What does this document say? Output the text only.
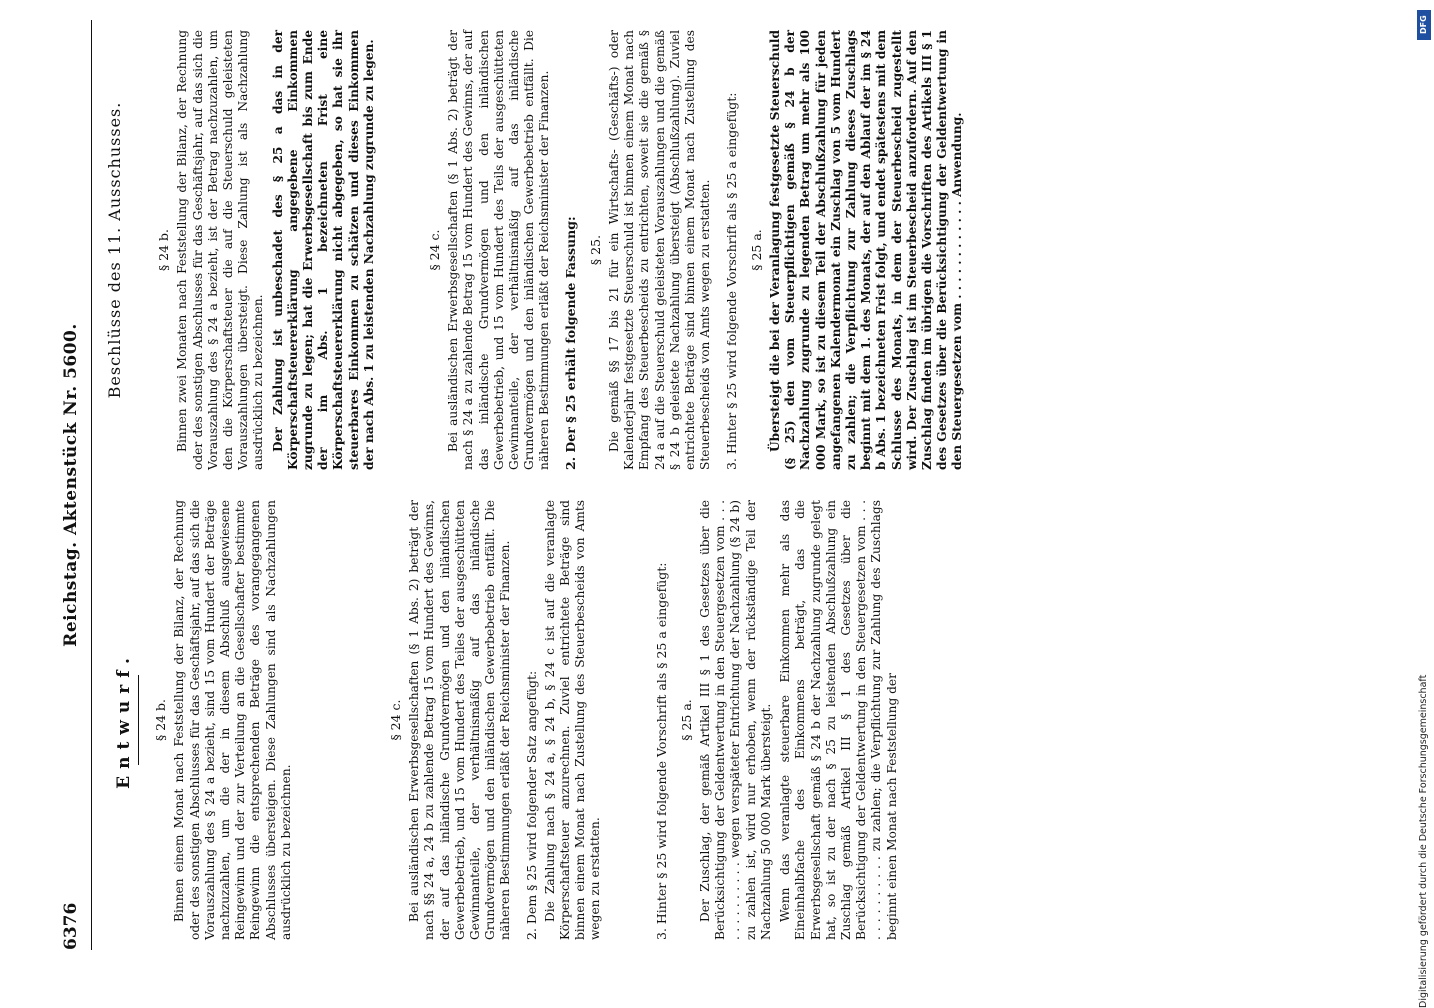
6376
Reichstag. Aktenstück Nr. 5600.
Entwurf. § 24 b. Binnen einem Monat nach Feststellung der Bilanz, der Rechnung oder des sonstigen Abschlusses für das Geschäftsjahr, auf das sich die Vorauszahlung des § 24 a bezieht, sind 15 vom Hundert der Beträge nachzuzahlen, um die der in diesem Abschluß ausgewiesene Reingewinn und der zur Verteilung an die Gesellschafter bestimmte Reingewinn die entsprechenden Beträge des vorangegangenen Abschlusses übersteigen. Diese Zahlungen sind als Nachzahlungen ausdrücklich zu bezeichnen.

§ 24 c. Bei ausländischen Erwerbsgesellschaften (§ 1 Abs. 2) beträgt der nach §§ 24 a, 24 b zu zahlende Betrag 15 vom Hundert des Gewinns, der auf das inländische Grundvermögen und den inländischen Gewerbebetrieb, und 15 vom Hundert des Teiles der ausgeschütteten Gewinnanteile, der verhältnismäßig auf das inländische Grundvermögen und den inländischen Gewerbebetrieb entfällt. Die näheren Bestimmungen erläßt der Reichsminister der Finanzen. 2. Dem § 25 wird folgender Satz angefügt: Die Zahlung nach § 24 a, § 24 b, § 24 c ist auf die veranlagte Körperschaftsteuer anzurechnen. Zuviel entrichtete Beträge sind binnen einem Monat nach Zustellung des Steuerbescheids von Amts wegen zu erstatten.	3. Hinter § 25 wird folgende Vorschrift als § 25 a eingefügt: § 25 a. Der Zuschlag, der gemäß Artikel III § 1 des Gesetzes über die Berücksichtigung der Geldentwertung in den Steuergesetzen vom . . . . . . . . . . . . . wegen verspäteter Entrichtung der Nachzahlung (§ 24 b) zu zahlen ist, wird nur erhoben, wenn der rückständige Teil der Nachzahlung 50 000 Mark übersteigt. Wenn das veranlagte steuerbare Einkommen mehr als das Eineinhalbfache des Einkommens beträgt, das die Erwerbsgesellschaft gemäß § 24 b der Nachzahlung zugrunde gelegt hat, so ist zu der nach § 25 zu leistenden Abschlußzahlung ein Zuschlag gemäß Artikel III § 1 des Gesetzes über die Berücksichtigung der Geldentwertung in den Steuergesetzen vom . . . . . . . . . . . . . zu zahlen; die Verpflichtung zur Zahlung des Zuschlags beginnt einen Monat nach Feststellung der

Beschlüsse des 11. Ausschusses.	§ 24 b. Binnen zwei Monaten nach Feststellung der Bilanz, der Rechnung oder des sonstigen Abschlusses für das Geschäftsjahr, auf das sich die Vorauszahlung des § 24 a bezieht, ist der Betrag nachzuzahlen, um den die Körperschaftsteuer die auf die Steuerschuld geleisteten Vorauszahlungen übersteigt. Diese Zahlung ist als Nachzahlung ausdrücklich zu bezeichnen. Der Zahlung ist unbeschadet des § 25 a das in der Körperschaftsteuererklärung angegebene Einkommen zugrunde zu legen; hat die Erwerbsgesellschaft bis zum Ende der im Abs. 1 bezeichneten Frist eine Körperschaftsteuererklärung nicht abgegeben, so hat sie ihr steuerbares Einkommen zu schätzen und dieses Einkommen der nach Abs. 1 zu leistenden Nachzahlung zugrunde zu legen.	§ 24 c. Bei ausländischen Erwerbsgesellschaften (§ 1 Abs. 2) beträgt der nach § 24 a zu zahlende Betrag 15 vom Hundert des Gewinns, der auf das inländische Grundvermögen und den inländischen Gewerbebetrieb, und 15 vom Hundert des Teils der ausgeschütteten Gewinnanteile, der verhältnismäßig auf das inländische Grundvermögen und den inländischen Gewerbebetrieb entfällt. Die näheren Bestimmungen erläßt der Reichsminister der Finanzen. 2. Der § 25 erhält folgende Fassung: § 25. Die gemäß §§ 17 bis 21 für ein Wirtschafts- (Geschäfts-) oder Kalenderjahr festgesetzte Steuerschuld ist binnen einem Monat nach Empfang des Steuerbescheids zu entrichten, soweit sie die gemäß § 24 a auf die Steuerschuld geleisteten Vorauszahlungen und die gemäß § 24 b geleistete Nachzahlung übersteigt (Abschlußzahlung). Zuviel entrichtete Beträge sind binnen einem Monat nach Zustellung des Steuerbescheids von Amts wegen zu erstatten. 3. Hinter § 25 wird folgende Vorschrift als § 25 a eingefügt: § 25 a. Übersteigt die bei der Veranlagung festgesetzte Steuerschuld (§ 25) den vom Steuerpflichtigen gemäß § 24 b der Nachzahlung zugrunde zu legenden Betrag um mehr als 100 000 Mark, so ist zu diesem Teil der Abschlußzahlung für jeden angefangenen Kalendermonat ein Zuschlag von 5 vom Hundert zu zahlen; die Verpflichtung zur Zahlung dieses Zuschlags beginnt mit dem 1. des Monats, der auf den Ablauf der im § 24 b Abs. 1 bezeichneten Frist folgt, und endet spätestens mit dem Schlusse des Monats, in dem der Steuerbescheid zugestellt wird. Der Zuschlag ist im Steuerbescheid anzufordern. Auf den Zuschlag finden im übrigen die Vorschriften des Artikels III § 1 des Gesetzes über die Berücksichtigung der Geldentwertung in den Steuergesetzen vom . . . . . . . . . . . . Anwendung.

DFG
Digitalisierung gefördert durch die Deutsche Forschungsgemeinschaft
